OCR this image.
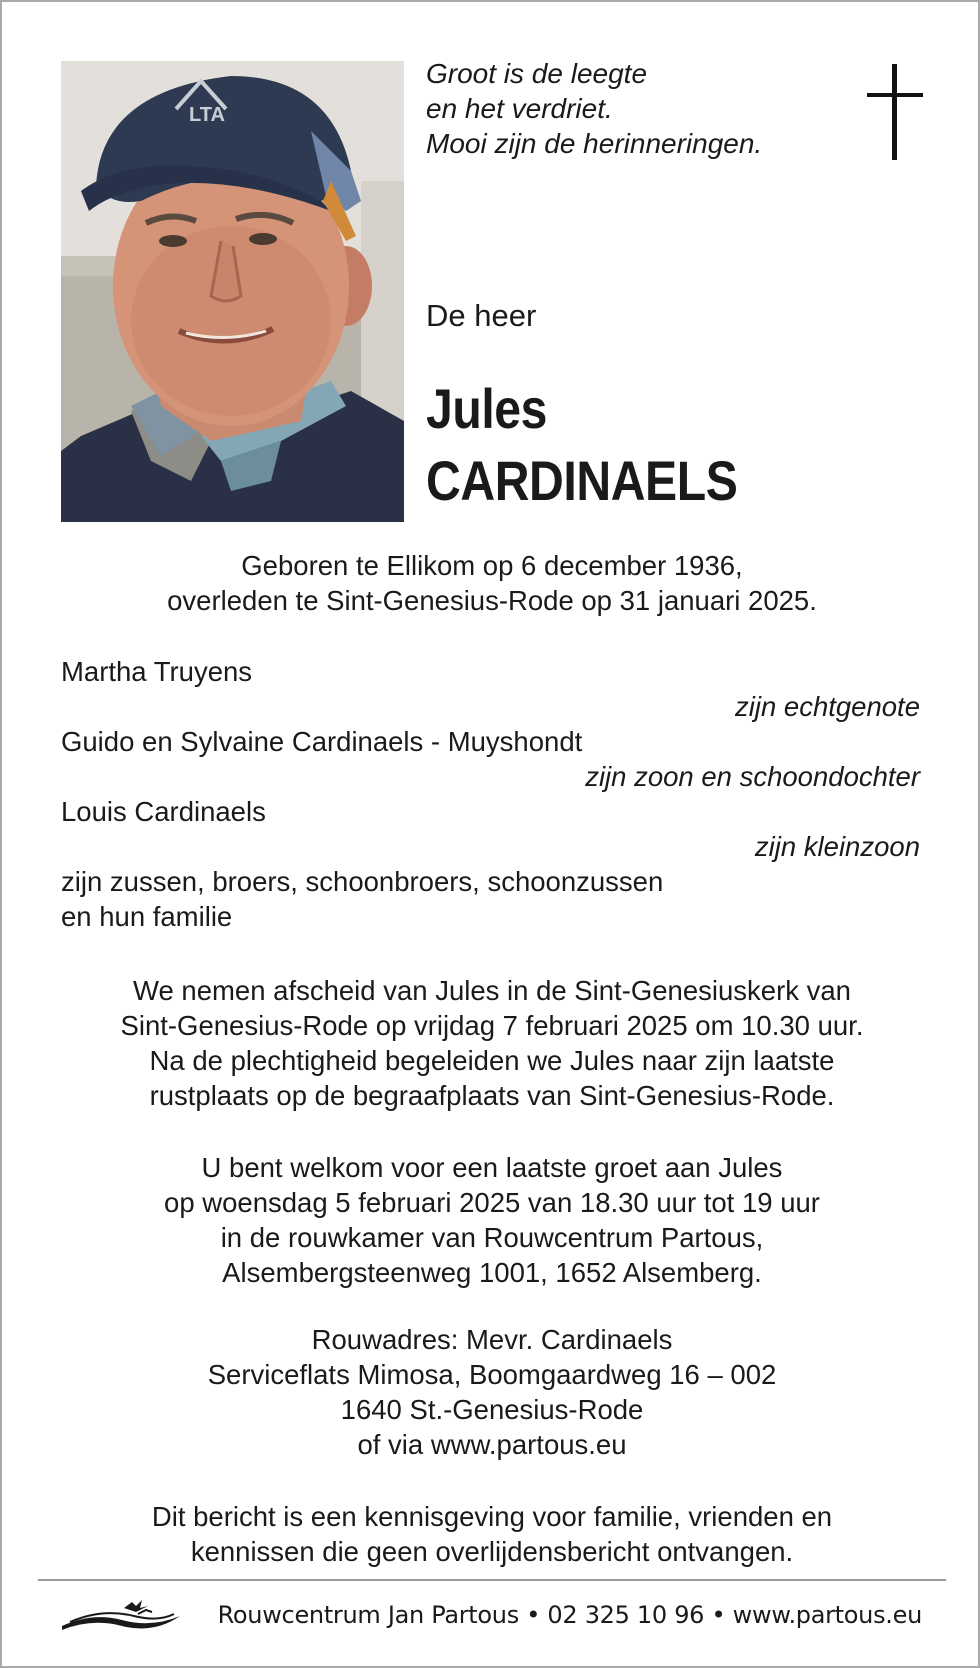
LTA
Groot is de leegte
en het verdriet.
Mooi zijn de herinneringen.
De heer
Jules
CARDINAELS
Geboren te Ellikom op 6 december 1936,
overleden te Sint-Genesius-Rode op 31 januari 2025.
Martha Truyens
zijn echtgenote
Guido en Sylvaine Cardinaels - Muyshondt
zijn zoon en schoondochter
Louis Cardinaels
zijn kleinzoon
zijn zussen, broers, schoonbroers, schoonzussen
en hun familie
We nemen afscheid van Jules in de Sint-Genesiuskerk van
Sint-Genesius-Rode op vrijdag 7 februari 2025 om 10.30 uur.
Na de plechtigheid begeleiden we Jules naar zijn laatste
rustplaats op de begraafplaats van Sint-Genesius-Rode.
U bent welkom voor een laatste groet aan Jules
op woensdag 5 februari 2025 van 18.30 uur tot 19 uur
in de rouwkamer van Rouwcentrum Partous,
Alsembergsteenweg 1001, 1652 Alsemberg.
Rouwadres: Mevr. Cardinaels
Serviceflats Mimosa, Boomgaardweg 16 – 002
1640 St.-Genesius-Rode
of via www.partous.eu
Dit bericht is een kennisgeving voor familie, vrienden en
kennissen die geen overlijdensbericht ontvangen.
Rouwcentrum Jan Partous • 02 325 10 96 • www.partous.eu
